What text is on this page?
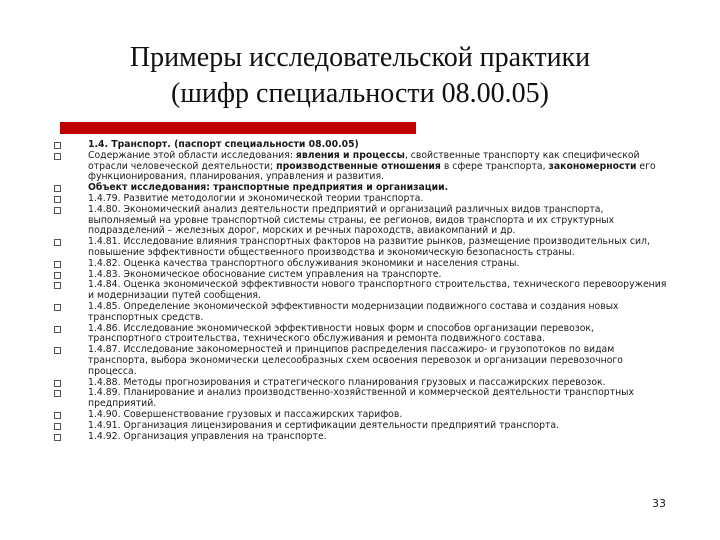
Примеры исследовательской практики
(шифр специальности 08.00.05)
1.4. Транспорт. (паспорт специальности 08.00.05)
Содержание этой области исследования: явления и процессы, свойственные транспорту как специфической отрасли человеческой деятельности; производственные отношения в сфере транспорта, закономерности его функционирования, планирования, управления и развития.
Объект исследования: транспортные предприятия и организации.
1.4.79. Развитие методологии и экономической теории транспорта.
1.4.80. Экономический анализ деятельности предприятий и организаций различных видов транспорта, выполняемый на уровне транспортной системы страны, ее регионов, видов транспорта и их структурных подразделений – железных дорог, морских и речных пароходств, авиакомпаний и др.
1.4.81. Исследование влияния транспортных факторов на развитие рынков, размещение производительных сил, повышение эффективности общественного производства и экономическую безопасность страны.
1.4.82. Оценка качества транспортного обслуживания экономики и населения страны.
1.4.83. Экономическое обоснование систем управления на транспорте.
1.4.84. Оценка экономической эффективности нового транспортного строительства, технического перевооружения и модернизации путей сообщения.
1.4.85. Определение экономической эффективности модернизации подвижного состава и создания новых транспортных средств.
1.4.86. Исследование экономической эффективности новых форм и способов организации перевозок, транспортного строительства, технического обслуживания и ремонта подвижного состава.
1.4.87. Исследование закономерностей и принципов распределения пассажиро- и грузопотоков по видам транспорта, выбора экономически целесообразных схем освоения перевозок и организации перевозочного процесса.
1.4.88. Методы прогнозирования и стратегического планирования грузовых и пассажирских перевозок.
1.4.89. Планирование и анализ производственно-хозяйственной и коммерческой деятельности транспортных предприятий.
1.4.90. Совершенствование грузовых и пассажирских тарифов.
1.4.91. Организация лицензирования и сертификации деятельности предприятий транспорта.
1.4.92. Организация управления на транспорте.
33
